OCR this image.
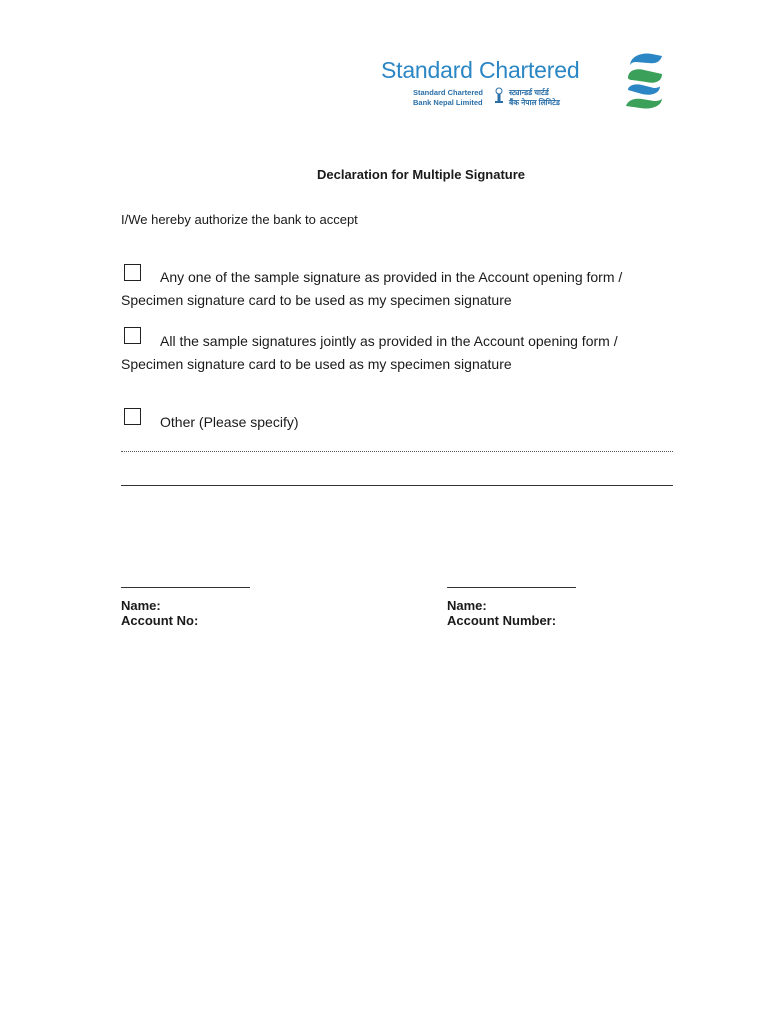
Standard Chartered
Standard Chartered
Bank Nepal Limited
स्ट्यान्डर्ड चार्टर्ड
बैंक नेपाल लिमिटेड
Declaration for Multiple Signature
I/We hereby authorize the bank to accept
Any one of the sample signature as provided in the Account opening form /
Specimen signature card to be used as my specimen signature
All the sample signatures jointly as provided in the Account opening form /
Specimen signature card to be used as my specimen signature
Other (Please specify)
Name:
Account No:
Name:
Account Number:
